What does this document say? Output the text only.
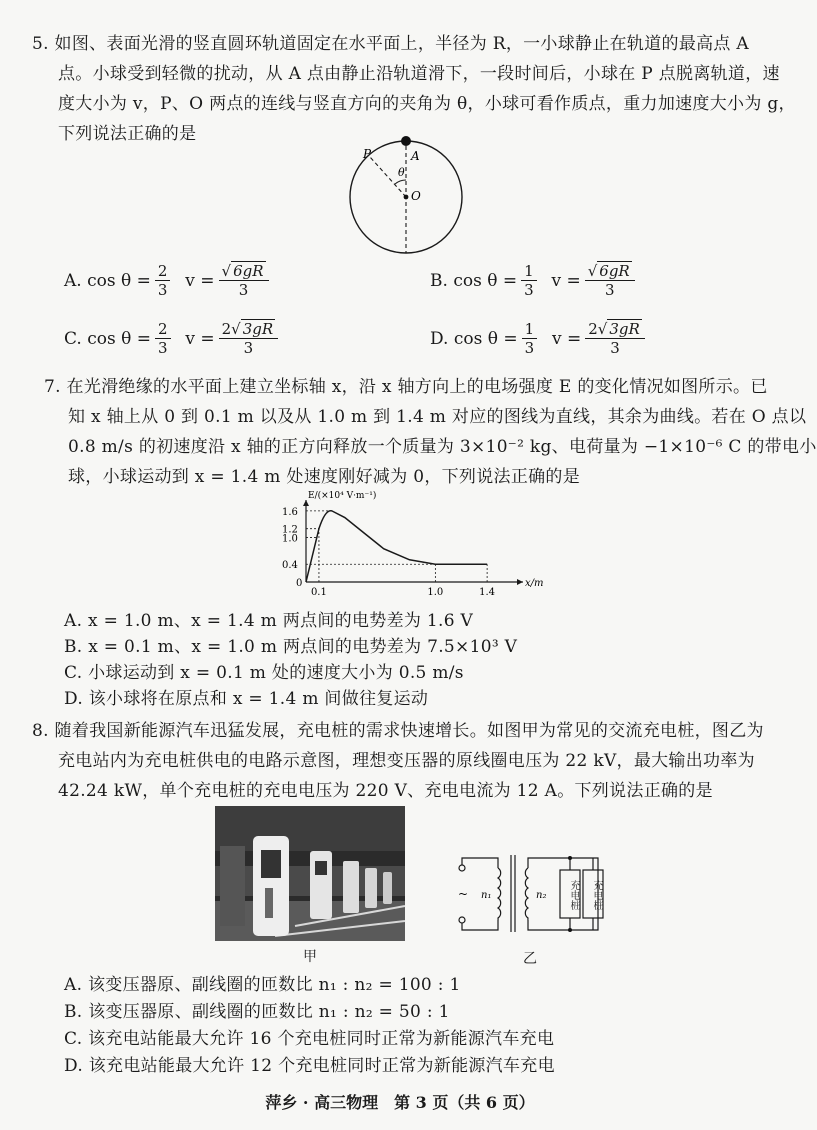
5. 如图、表面光滑的竖直圆环轨道固定在水平面上，半径为 R，一小球静止在轨道的最高点 A
点。小球受到轻微的扰动，从 A 点由静止沿轨道滑下，一段时间后，小球在 P 点脱离轨道，速
度大小为 v，P、O 两点的连线与竖直方向的夹角为 θ，小球可看作质点，重力加速度大小为 g，
下列说法正确的是
P	A
θ
O
A.
$\cos \theta = \frac{2}{3}$
$v = \frac{√ 6gR}{3}$	B.
$\cos \theta = \frac{1}{3}$
$v = \frac{√ 6gR}{3}$
C.
$\cos \theta = \frac{2}{3}$
$v = \frac{2√ 3gR}{3}$	D.
$\cos \theta = \frac{1}{3}$
$v = \frac{2√ 3gR}{3}$
7. 在光滑绝缘的水平面上建立坐标轴 x，沿 x 轴方向上的电场强度 E 的变化情况如图所示。已
知 x 轴上从 0 到 0.1 m 以及从 1.0 m 到 1.4 m 对应的图线为直线，其余为曲线。若在 O 点以
0.8 m/s 的初速度沿 x 轴的正方向释放一个质量为 3×10⁻² kg、电荷量为 −1×10⁻⁶ C 的带电小
球，小球运动到 x = 1.4 m 处速度刚好减为 0，下列说法正确的是
E/(×10⁴ V·m⁻¹)
x/m
0
1.6
1.2
1.0
0.4
0.1	1.0	1.4
A. x = 1.0 m、x = 1.4 m 两点间的电势差为 1.6 V
B. x = 0.1 m、x = 1.0 m 两点间的电势差为 7.5×10³ V
C. 小球运动到 x = 0.1 m 处的速度大小为 0.5 m/s
D. 该小球将在原点和 x = 1.4 m 间做往复运动
8. 随着我国新能源汽车迅猛发展，充电桩的需求快速增长。如图甲为常见的交流充电桩，图乙为
充电站内为充电桩供电的电路示意图，理想变压器的原线圈电压为 22 kV，最大输出功率为
42.24 kW，单个充电桩的充电电压为 220 V、充电电流为 12 A。下列说法正确的是
甲
~ n₁	n₂	充电桩	充电桩
乙
A. 该变压器原、副线圈的匝数比 n₁ : n₂ = 100 : 1
B. 该变压器原、副线圈的匝数比 n₁ : n₂ = 50 : 1
C. 该充电站能最大允许 16 个充电桩同时正常为新能源汽车充电
D. 该充电站能最大允许 12 个充电桩同时正常为新能源汽车充电
萍乡 · 高三物理　第 3 页（共 6 页）
